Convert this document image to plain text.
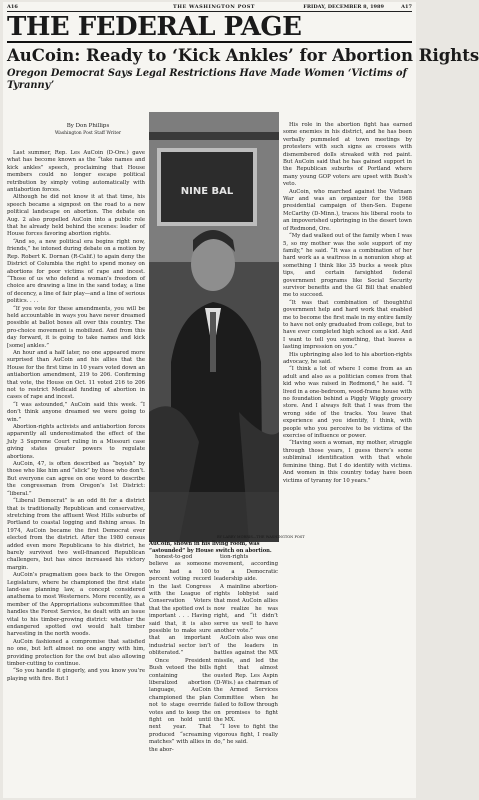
A16	THE WASHINGTON POST	FRIDAY, DECEMBER 8, 1989	A17
THE FEDERAL PAGE
AuCoin: Ready to ‘Kick Ankles’ for Abortion Rights
Oregon Democrat Says Legal Restrictions Have Made Women ‘Victims of Tyranny’
By Don Phillips
Washington Post Staff Writer

Last summer, Rep. Les AuCoin (D-Ore.) gave what has become known as the “take names and kick ankles” speech, proclaiming that House members could no longer escape political retribution by simply voting automatically with antiabortion forces.

Although he did not know it at that time, his speech became a signpost on the road to a new political landscape on abortion. The debate on Aug. 2 also propelled AuCoin into a public role that he already held behind the scenes: leader of House forces favoring abortion rights.

“And so, a new political era begins right now, friends,” he intoned during debate on a motion by Rep. Robert K. Dornan (R-Calif.) to again deny the District of Columbia the right to spend money on abortions for poor victims of rape and incest. “Those of us who defend a woman’s freedom of choice are drawing a line in the sand today, a line of decency, a line of fair play—and a line of serious politics. . . .

“If you vote for these amendments, you will be held accountable in ways you have never dreamed possible at ballot boxes all over this country. The pro-choice movement is mobilized. And from this day forward, it is going to take names and kick [some] ankles.”

An hour and a half later, no one appeared more surprised than AuCoin and his allies that the House for the first time in 10 years voted down an antiabortion amendment, 219 to 206. Confirming that vote, the House on Oct. 11 voted 216 to 206 not to restrict Medicaid funding of abortion in cases of rape and incest.

“I was astounded,” AuCoin said this week. “I don’t think anyone dreamed we were going to win.”

Abortion-rights activists and antiabortion forces apparently all underestimated the effect of the July 3 Supreme Court ruling in a Missouri case giving states greater powers to regulate abortions.

AuCoin, 47, is often described as “boyish” by those who like him and “slick” by those who don’t. But everyone can agree on one word to describe the congressman from Oregon’s 1st District: “liberal.”

“Liberal Democrat” is an odd fit for a district that is traditionally Republican and conservative, stretching from the affluent West Hills suburbs of Portland to coastal logging and fishing areas. In 1974, AuCoin became the first Democrat ever elected from the district. After the 1980 census added even more Republicans to his district, he barely survived two well-financed Republican challengers, but has since increased his victory margin.

AuCoin’s pragmatism goes back to the Oregon Legislature, where he championed the first state land-use planning law, a concept considered anathema to most Westerners. More recently, as a member of the Appropriations subcommittee that handles the Forest Service, he dealt with an issue vital to his timber-growing district: whether the endangered spotted owl would halt timber harvesting in the north woods.

AuCoin fashioned a compromise that satisfied no one, but left almost no one angry with him, providing protection for the owl but also allowing timber-cutting to continue.

“So you handle it gingerly, and you know you’re playing with fire. But I

NINE BAL
BY LARRY MORRIS—THE WASHINGTON POST
AuCoin, shown in his living room, was “astounded” by House switch on abortion.

honest-to-god believe as someone who had a 100 percent voting record in the last Congress with the League of Conservation Voters that the spotted owl is important . . . Having said that, it is also possible to make sure that an important industrial sector isn’t obliterated.”

Once President Bush vetoed the bills containing the liberalized abortion language, AuCoin championed the plan not to stage override votes and to keep the fight on hold until next year. That produced “screaming matches” with allies in the abor-

tion-rights movement, according to a Democratic leadership aide.

A mainline abortion-rights lobbyist said that most AuCoin allies now realize he was right, and “it didn’t serve us well to have another vote.”

AuCoin also was one of the leaders in battles against the MX missile, and led the fight that almost ousted Rep. Les Aspin (D-Wis.) as chairman of the Armed Services Committee when he failed to follow through on promises to fight the MX.

“I love to fight the vigorous fight, I really do,” he said.

His role in the abortion fight has earned some enemies in his district, and he has been verbally pummeled at town meetings by protesters with such signs as crosses with dismembered dolls streaked with red paint. But AuCoin said that he has gained support in the Republican suburbs of Portland where many young GOP voters are upset with Bush’s veto.

AuCoin, who marched against the Vietnam War and was an organizer for the 1968 presidential campaign of then-Sen. Eugene McCarthy (D-Minn.), traces his liberal roots to an impoverished upbringing in the desert town of Redmond, Ore.

“My dad walked out of the family when I was 5, so my mother was the sole support of my family,” he said. “It was a combination of her hard work as a waitress in a nonunion shop at something I think like 35 bucks a week plus tips, and certain farsighted federal government programs like Social Security survivor benefits and the GI Bill that enabled me to succeed.

“It was that combination of thoughtful government help and hard work that enabled me to become the first male in my entire family to have not only graduated from college, but to have ever completed high school as a kid. And I want to tell you something, that leaves a lasting impression on you.”

His upbringing also led to his abortion-rights advocacy, he said.

“I think a lot of where I come from as an adult and also as a politician comes from that kid who was raised in Redmond,” he said. “I lived in a one-bedroom, wood-frame house with no foundation behind a Piggly Wiggly grocery store. And I always felt that I was from the wrong side of the tracks. You leave that experience and you identify, I think, with people who you perceive to be victims of the exercise of influence or power.

“Having seen a woman, my mother, struggle through those years, I guess there’s some subliminal identification with that whole feminine thing. But I do identify with victims. And women in this country today have been victims of tyranny for 10 years.”
